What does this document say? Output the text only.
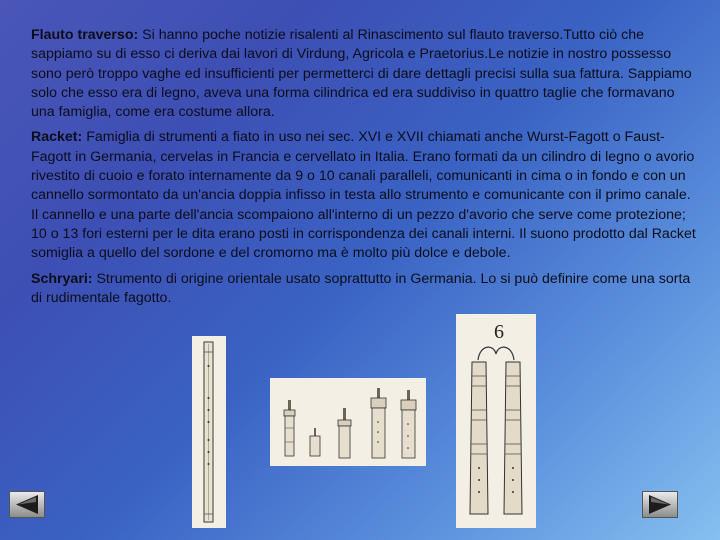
Flauto traverso: Si hanno poche notizie risalenti al Rinascimento sul flauto traverso.Tutto ciò che sappiamo su di esso ci deriva dai lavori di Virdung, Agricola e Praetorius.Le notizie in nostro possesso sono però troppo vaghe ed insufficienti per permetterci di dare dettagli precisi sulla sua fattura. Sappiamo solo che esso era di legno, aveva una forma cilindrica ed era suddiviso in quattro taglie che formavano una famiglia, come era costume allora.

Racket: Famiglia di strumenti a fiato in uso nei sec. XVI e XVII chiamati anche Wurst-Fagott o Faust-Fagott in Germania, cervelas in Francia e cervellato in Italia. Erano formati da un cilindro di legno o avorio rivestito di cuoio e forato internamente da 9 o 10 canali paralleli, comunicanti in cima o in fondo e con un cannello sormontato da un'ancia doppia infisso in testa allo strumento e comunicante con il primo canale. Il cannello e una parte dell'ancia scompaiono all'interno di un pezzo d'avorio che serve come protezione; 10 o 13 fori esterni per le dita erano posti in corrispondenza dei canali interni. Il suono prodotto dal Racket somiglia a quello del sordone e del cromorno ma è molto più dolce e debole.

Schryari: Strumento di origine orientale usato soprattutto in Germania. Lo si può definire come una sorta di rudimentale fagotto.

6
